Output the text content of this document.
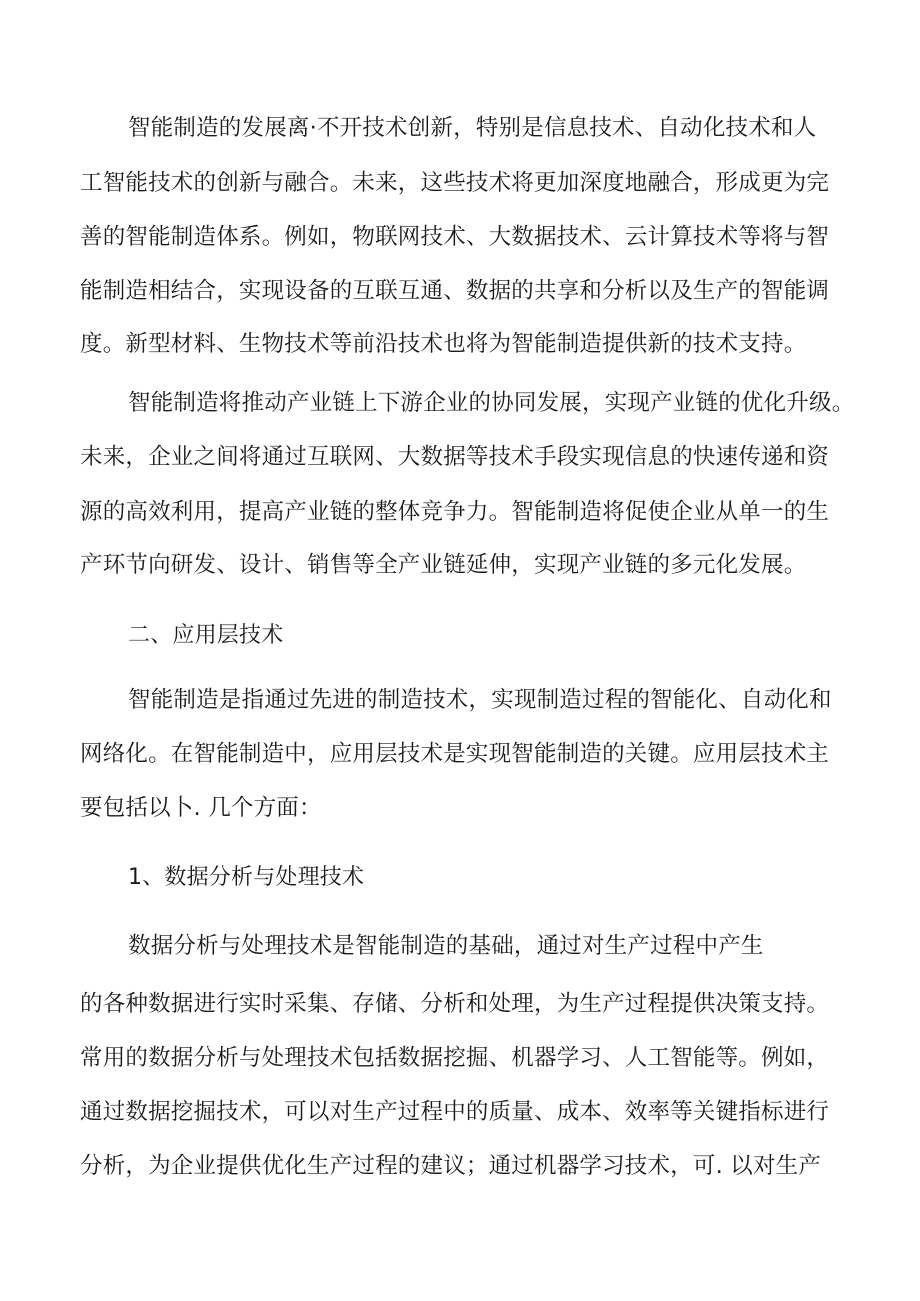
智能制造的发展离·不开技术创新，特别是信息技术、自动化技术和人
工智能技术的创新与融合。未来，这些技术将更加深度地融合，形成更为完
善的智能制造体系。例如，物联网技术、大数据技术、云计算技术等将与智
能制造相结合，实现设备的互联互通、数据的共享和分析以及生产的智能调
度。新型材料、生物技术等前沿技术也将为智能制造提供新的技术支持。
智能制造将推动产业链上下游企业的协同发展，实现产业链的优化升级。
未来，企业之间将通过互联网、大数据等技术手段实现信息的快速传递和资
源的高效利用，提高产业链的整体竞争力。智能制造将促使企业从单一的生
产环节向研发、设计、销售等全产业链延伸，实现产业链的多元化发展。
二、应用层技术
智能制造是指通过先进的制造技术，实现制造过程的智能化、自动化和
网络化。在智能制造中，应用层技术是实现智能制造的关键。应用层技术主
要包括以卜. 几个方面：
1、数据分析与处理技术
数据分析与处理技术是智能制造的基础，通过对生产过程中产生
的各种数据进行实时采集、存储、分析和处理，为生产过程提供决策支持。
常用的数据分析与处理技术包括数据挖掘、机器学习、人工智能等。例如，
通过数据挖掘技术，可以对生产过程中的质量、成本、效率等关键指标进行
分析，为企业提供优化生产过程的建议；通过机器学习技术，可. 以对生产
